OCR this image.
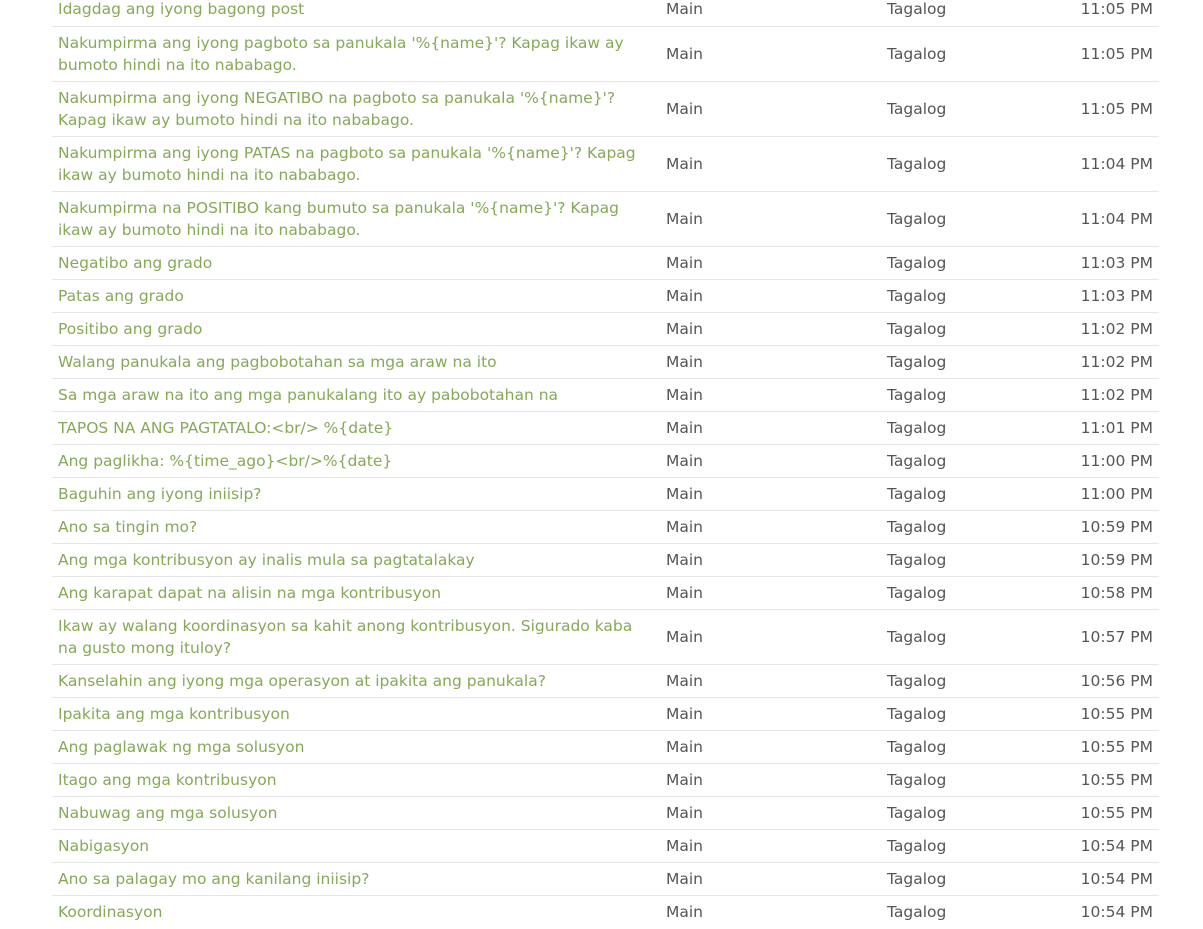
Idagdag ang iyong bagong post	Main	Tagalog	11:05 PM
Nakumpirma ang iyong pagboto sa panukala '%{name}'? Kapag ikaw ay bumoto hindi na ito nababago.	Main	Tagalog	11:05 PM
Nakumpirma ang iyong NEGATIBO na pagboto sa panukala '%{name}'? Kapag ikaw ay bumoto hindi na ito nababago.	Main	Tagalog	11:05 PM
Nakumpirma ang iyong PATAS na pagboto sa panukala '%{name}'? Kapag ikaw ay bumoto hindi na ito nababago.	Main	Tagalog	11:04 PM
Nakumpirma na POSITIBO kang bumuto sa panukala '%{name}'? Kapag ikaw ay bumoto hindi na ito nababago.	Main	Tagalog	11:04 PM
Negatibo ang grado	Main	Tagalog	11:03 PM
Patas ang grado	Main	Tagalog	11:03 PM
Positibo ang grado	Main	Tagalog	11:02 PM
Walang panukala ang pagbobotahan sa mga araw na ito	Main	Tagalog	11:02 PM
Sa mga araw na ito ang mga panukalang ito ay pabobotahan na	Main	Tagalog	11:02 PM
TAPOS NA ANG PAGTATALO:<br/> %{date}	Main	Tagalog	11:01 PM
Ang paglikha: %{time_ago}<br/>%{date}	Main	Tagalog	11:00 PM
Baguhin ang iyong iniisip?	Main	Tagalog	11:00 PM
Ano sa tingin mo?	Main	Tagalog	10:59 PM
Ang mga kontribusyon ay inalis mula sa pagtatalakay	Main	Tagalog	10:59 PM
Ang karapat dapat na alisin na mga kontribusyon	Main	Tagalog	10:58 PM
Ikaw ay walang koordinasyon sa kahit anong kontribusyon. Sigurado kaba na gusto mong ituloy?	Main	Tagalog	10:57 PM
Kanselahin ang iyong mga operasyon at ipakita ang panukala?	Main	Tagalog	10:56 PM
Ipakita ang mga kontribusyon	Main	Tagalog	10:55 PM
Ang paglawak ng mga solusyon	Main	Tagalog	10:55 PM
Itago ang mga kontribusyon	Main	Tagalog	10:55 PM
Nabuwag ang mga solusyon	Main	Tagalog	10:55 PM
Nabigasyon	Main	Tagalog	10:54 PM
Ano sa palagay mo ang kanilang iniisip?	Main	Tagalog	10:54 PM
Koordinasyon	Main	Tagalog	10:54 PM
